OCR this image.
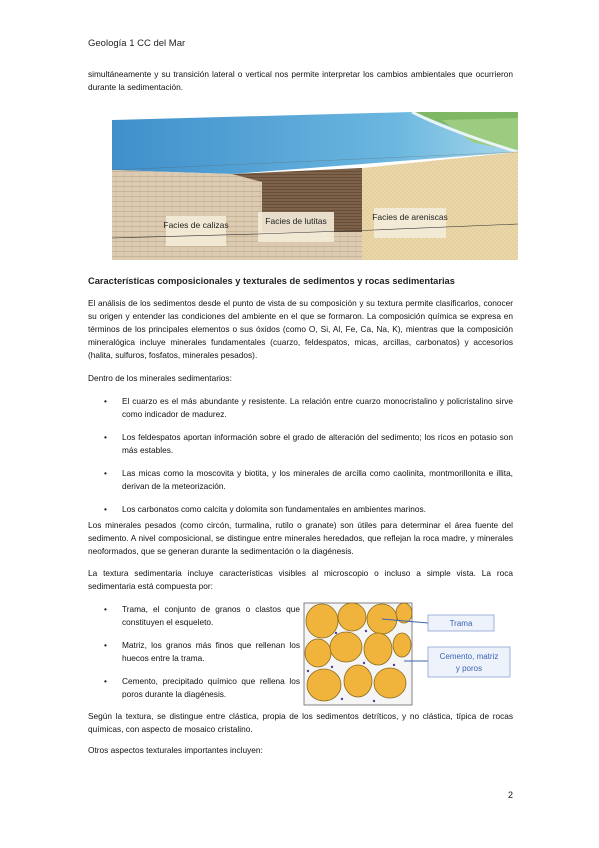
Geología 1 CC del Mar

simultáneamente y su transición lateral o vertical nos permite interpretar los cambios ambientales que ocurrieron durante la sedimentación.

Facies de calizas	Facies de lutitas	Facies de areniscas
Características composicionales y texturales de sedimentos y rocas sedimentarias

El análisis de los sedimentos desde el punto de vista de su composición y su textura permite clasificarlos, conocer su origen y entender las condiciones del ambiente en el que se formaron. La composición química se expresa en términos de los principales elementos o sus óxidos (como O, Si, Al, Fe, Ca, Na, K), mientras que la composición mineralógica incluye minerales fundamentales (cuarzo, feldespatos, micas, arcillas, carbonatos) y accesorios (halita, sulfuros, fosfatos, minerales pesados).

Dentro de los minerales sedimentarios:

• El cuarzo es el más abundante y resistente. La relación entre cuarzo monocristalino y policristalino sirve como indicador de madurez.
• Los feldespatos aportan información sobre el grado de alteración del sedimento; los ricos en potasio son más estables.
• Las micas como la moscovita y biotita, y los minerales de arcilla como caolinita, montmorillonita e illita, derivan de la meteorización.
• Los carbonatos como calcita y dolomita son fundamentales en ambientes marinos.

Los minerales pesados (como circón, turmalina, rutilo o granate) son útiles para determinar el área fuente del sedimento. A nivel composicional, se distingue entre minerales heredados, que reflejan la roca madre, y minerales neoformados, que se generan durante la sedimentación o la diagénesis.

La textura sedimentaria incluye características visibles al microscopio o incluso a simple vista. La roca sedimentaria está compuesta por:

• Trama, el conjunto de granos o clastos que constituyen el esqueleto.
• Matriz, los granos más finos que rellenan los huecos entre la trama.
• Cemento, precipitado químico que rellena los poros durante la diagénesis.
Trama
Cemento, matriz
y poros

Según la textura, se distingue entre clástica, propia de los sedimentos detríticos, y no clástica, típica de rocas químicas, con aspecto de mosaico cristalino.

Otros aspectos texturales importantes incluyen:

2
